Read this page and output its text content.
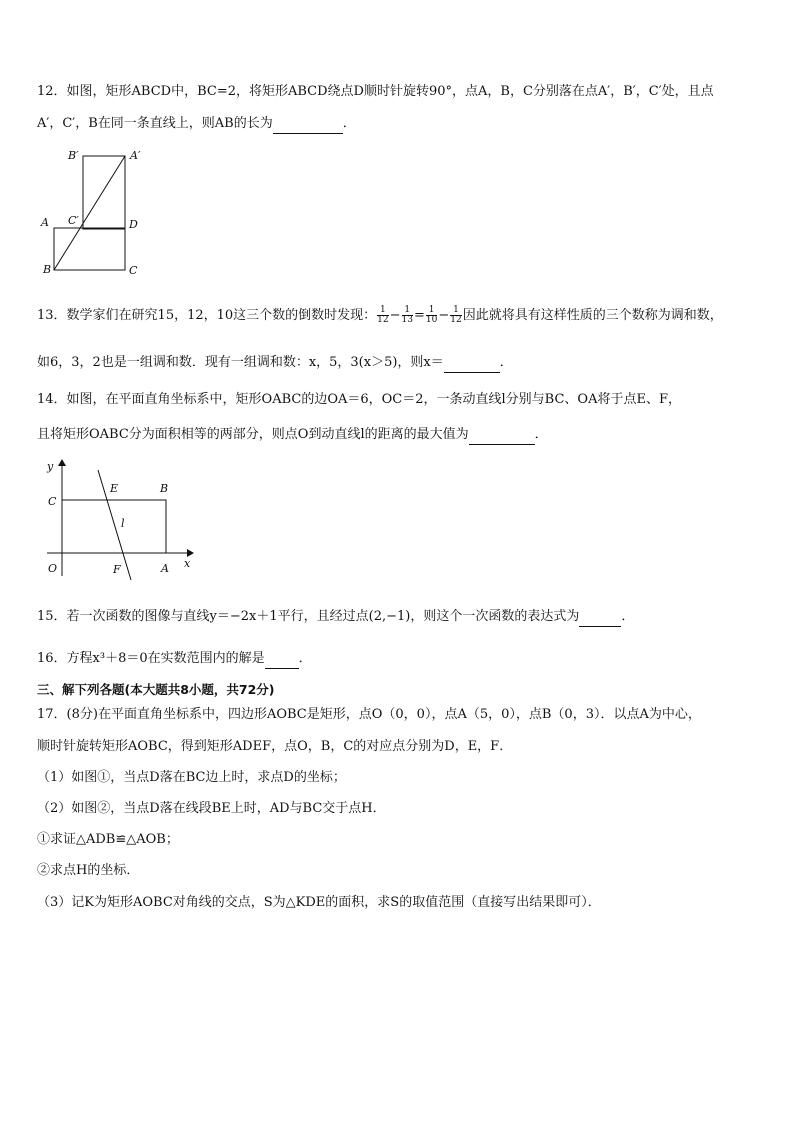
12．如图，矩形ABCD中，BC=2，将矩形ABCD绕点D顺时针旋转90°，点A，B，C分别落在点A′，B′，C′处，且点
A′，C′，B在同一条直线上，则AB的长为	．
B′	A′
A C′	D
B	C
13．数学家们在研究15，12，10这三个数的倒数时发现： $\frac{1}{12} - \frac{1}{13} = \frac{1}{10} - \frac{1}{12}$ 因此就将具有这样性质的三个数称为调和数，
如6，3，2也是一组调和数．现有一组调和数：x，5，3(x＞5)，则x＝	．
14．如图，在平面直角坐标系中，矩形OABC的边OA＝6，OC＝2，一条动直线l分别与BC、OA将于点E、F，
且将矩形OABC分为面积相等的两部分，则点O到动直线l的距离的最大值为	．
y
x
C
E	B
l
O	F	A
15．若一次函数的图像与直线y＝−2x＋1平行，且经过点(2,−1)，则这个一次函数的表达式为	．
16．方程x³＋8＝0在实数范围内的解是	．
三、解下列各题(本大题共8小题，共72分)
17．(8分)在平面直角坐标系中，四边形AOBC是矩形，点O（0，0），点A（5，0），点B（0，3）．以点A为中心，
顺时针旋转矩形AOBC，得到矩形ADEF，点O，B，C的对应点分别为D，E，F．
（1）如图①，当点D落在BC边上时，求点D的坐标；
（2）如图②，当点D落在线段BE上时，AD与BC交于点H．
①求证△ADB≌△AOB；
②求点H的坐标．
（3）记K为矩形AOBC对角线的交点，S为△KDE的面积，求S的取值范围（直接写出结果即可）．
